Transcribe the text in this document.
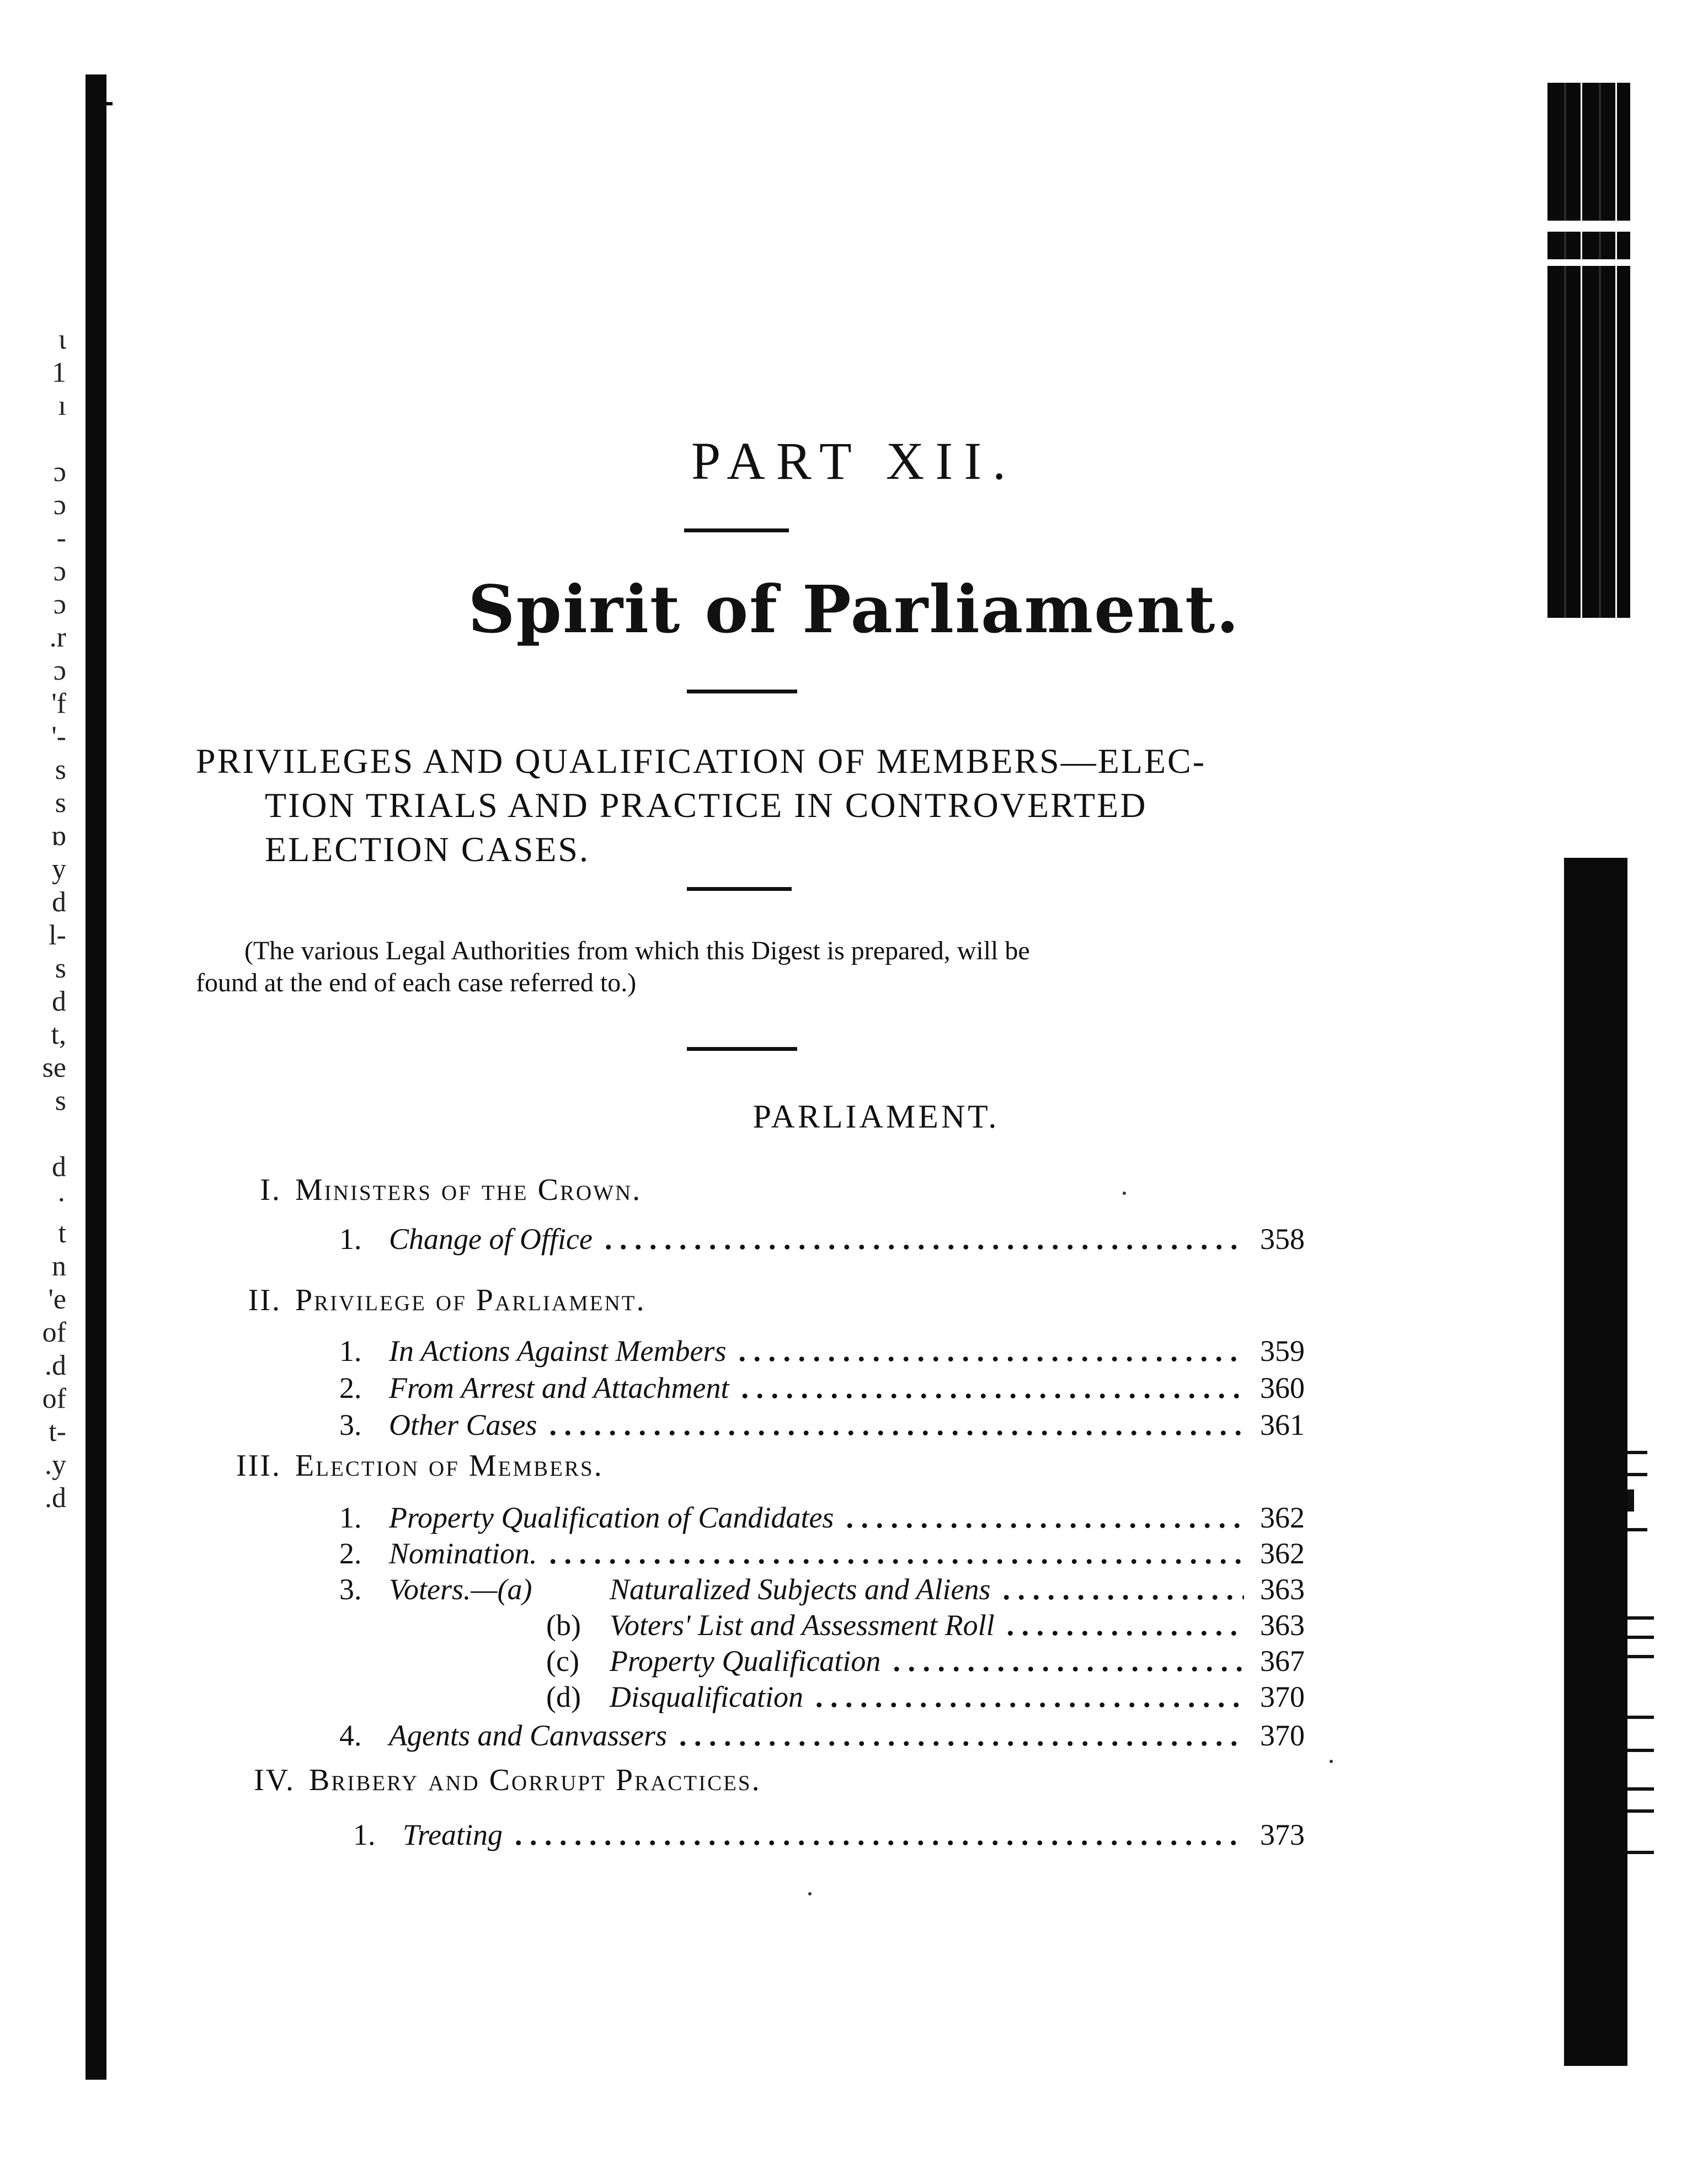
ɩ
1
ı
ɔ
ɔ
-
ɔ
ɔ
.r
ɔ
'f
'-
s
s
ɒ
y
d
l-
s
d
t,
se
s
d
·
t
n
'e
of
.d
of
t-
.y
.d
PART XII.
Spirit of Parliament.
PRIVILEGES AND QUALIFICATION OF MEMBERS—ELEC-
TION TRIALS AND PRACTICE IN CONTROVERTED
ELECTION CASES.
(The various Legal Authorities from which this Digest is prepared, will be
found at the end of each case referred to.)
PARLIAMENT.
I. Ministers of the Crown.
1. Change of Office	358
. . .
II. Privilege of Parliament.
1. In Actions Against Members	359
. . .
2. From Arrest and Attachment	360
. . .
3. Other Cases	361
. . .
III. Election of Members.
1. Property Qualification of Candidates	362
. . .
2. Nomination.	362
. . .
3. Voters.—(a)	Naturalized Subjects and Aliens	363
. . .
(b) Voters' List and Assessment Roll	363
. . .
(c) Property Qualification	367
. . .
(d) Disqualification	370
. . .
4. Agents and Canvassers	370
. . .
IV. Bribery and Corrupt Practices.
1. Treating	373
. . .
